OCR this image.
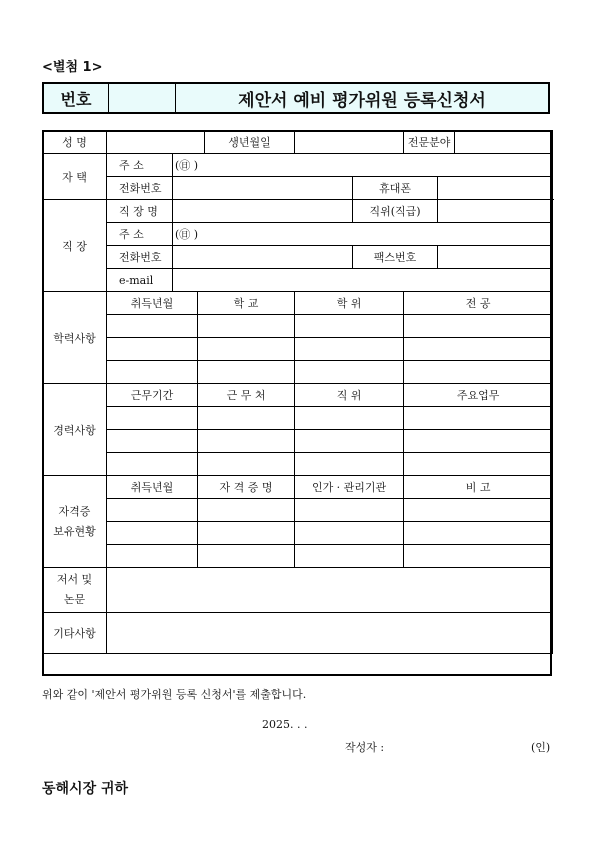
<별첨 1>
번호	제안서 예비 평가위원 등록신청서
성 명				생년월일			전문분야		
자 택	주 소	(㊐ )							
	전화번호					휴대폰			
직 장	직 장 명					직위(직급)			
	주 소	(㊐ )							
	전화번호					팩스번호			
	e-mail								
학력사항	취득년월		학 교		학 위		전 공		

경력사항	근무기간		근 무 처		직 위		주요업무		

자격증
보유현황	취득년월		자 격 증 명		인가 · 관리기관		비 고		

저서 및
논문									
기타사항									
위와 같이 '제안서 평가위원 등록 신청서'를 제출합니다.
2025. . .
작성자 :	(인)
동해시장 귀하
